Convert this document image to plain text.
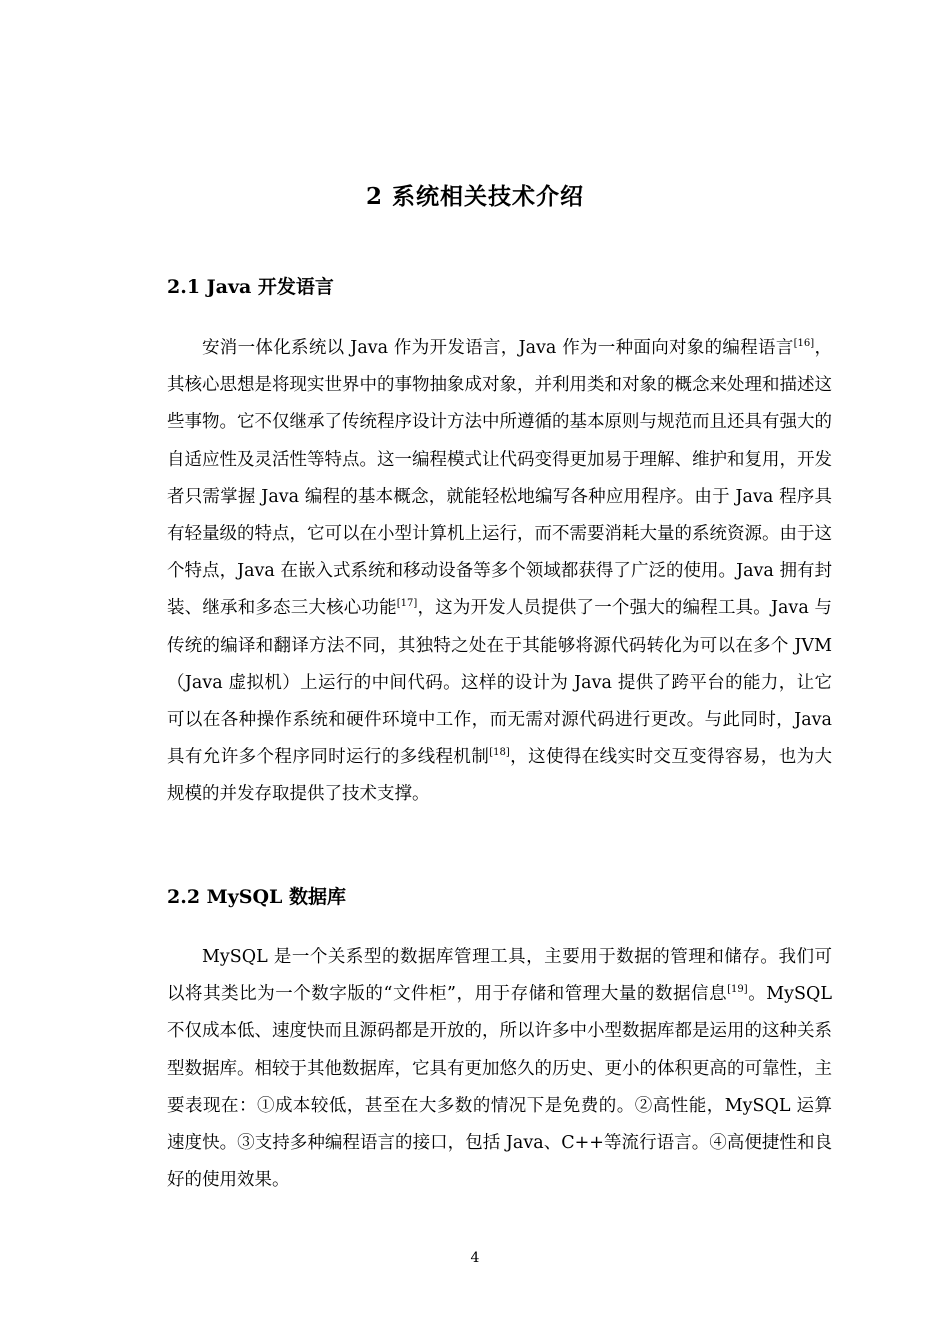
2 系统相关技术介绍
2.1 Java 开发语言
安消一体化系统以 Java 作为开发语言，Java 作为一种面向对象的编程语言[16]，其核心思想是将现实世界中的事物抽象成对象，并利用类和对象的概念来处理和描述这些事物。它不仅继承了传统程序设计方法中所遵循的基本原则与规范而且还具有强大的自适应性及灵活性等特点。这一编程模式让代码变得更加易于理解、维护和复用，开发者只需掌握 Java 编程的基本概念，就能轻松地编写各种应用程序。由于 Java 程序具有轻量级的特点，它可以在小型计算机上运行，而不需要消耗大量的系统资源。由于这个特点，Java 在嵌入式系统和移动设备等多个领域都获得了广泛的使用。Java 拥有封装、继承和多态三大核心功能[17]，这为开发人员提供了一个强大的编程工具。Java 与传统的编译和翻译方法不同，其独特之处在于其能够将源代码转化为可以在多个 JVM（Java 虚拟机）上运行的中间代码。这样的设计为 Java 提供了跨平台的能力，让它可以在各种操作系统和硬件环境中工作，而无需对源代码进行更改。与此同时，Java 具有允许多个程序同时运行的多线程机制[18]，这使得在线实时交互变得容易，也为大规模的并发存取提供了技术支撑。
2.2 MySQL 数据库
MySQL 是一个关系型的数据库管理工具，主要用于数据的管理和储存。我们可以将其类比为一个数字版的“文件柜”，用于存储和管理大量的数据信息[19]。MySQL 不仅成本低、速度快而且源码都是开放的，所以许多中小型数据库都是运用的这种关系型数据库。相较于其他数据库，它具有更加悠久的历史、更小的体积更高的可靠性，主要表现在：①成本较低，甚至在大多数的情况下是免费的。②高性能，MySQL 运算速度快。③支持多种编程语言的接口，包括 Java、C++等流行语言。④高便捷性和良好的使用效果。
4
